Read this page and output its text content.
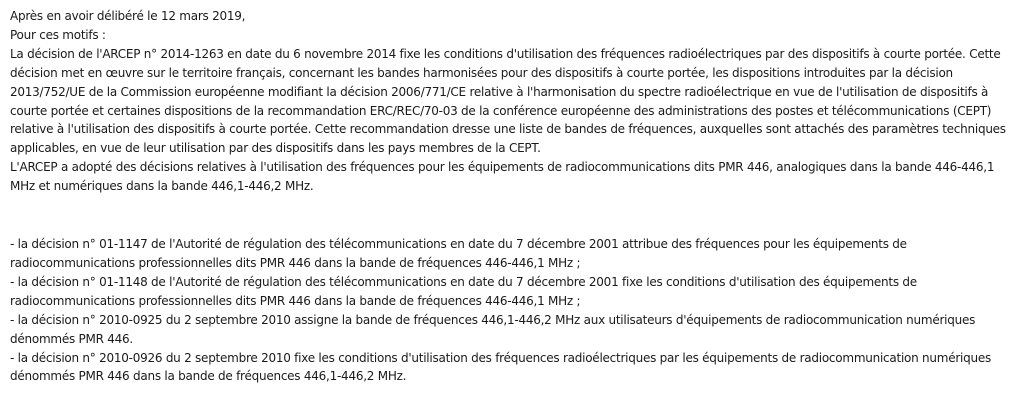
Après en avoir délibéré le 12 mars 2019,
Pour ces motifs :
La décision de l'ARCEP n° 2014-1263 en date du 6 novembre 2014 fixe les conditions d'utilisation des fréquences radioélectriques par des dispositifs à courte portée. Cette
décision met en œuvre sur le territoire français, concernant les bandes harmonisées pour des dispositifs à courte portée, les dispositions introduites par la décision
2013/752/UE de la Commission européenne modifiant la décision 2006/771/CE relative à l'harmonisation du spectre radioélectrique en vue de l'utilisation de dispositifs à
courte portée et certaines dispositions de la recommandation ERC/REC/70-03 de la conférence européenne des administrations des postes et télécommunications (CEPT)
relative à l'utilisation des dispositifs à courte portée. Cette recommandation dresse une liste de bandes de fréquences, auxquelles sont attachés des paramètres techniques
applicables, en vue de leur utilisation par des dispositifs dans les pays membres de la CEPT.
L'ARCEP a adopté des décisions relatives à l'utilisation des fréquences pour les équipements de radiocommunications dits PMR 446, analogiques dans la bande 446-446,1
MHz et numériques dans la bande 446,1-446,2 MHz.
- la décision n° 01-1147 de l'Autorité de régulation des télécommunications en date du 7 décembre 2001 attribue des fréquences pour les équipements de
radiocommunications professionnelles dits PMR 446 dans la bande de fréquences 446-446,1 MHz ;
- la décision n° 01-1148 de l'Autorité de régulation des télécommunications en date du 7 décembre 2001 fixe les conditions d'utilisation des équipements de
radiocommunications professionnelles dits PMR 446 dans la bande de fréquences 446-446,1 MHz ;
- la décision n° 2010-0925 du 2 septembre 2010 assigne la bande de fréquences 446,1-446,2 MHz aux utilisateurs d'équipements de radiocommunication numériques
dénommés PMR 446.
- la décision n° 2010-0926 du 2 septembre 2010 fixe les conditions d'utilisation des fréquences radioélectriques par les équipements de radiocommunication numériques
dénommés PMR 446 dans la bande de fréquences 446,1-446,2 MHz.
